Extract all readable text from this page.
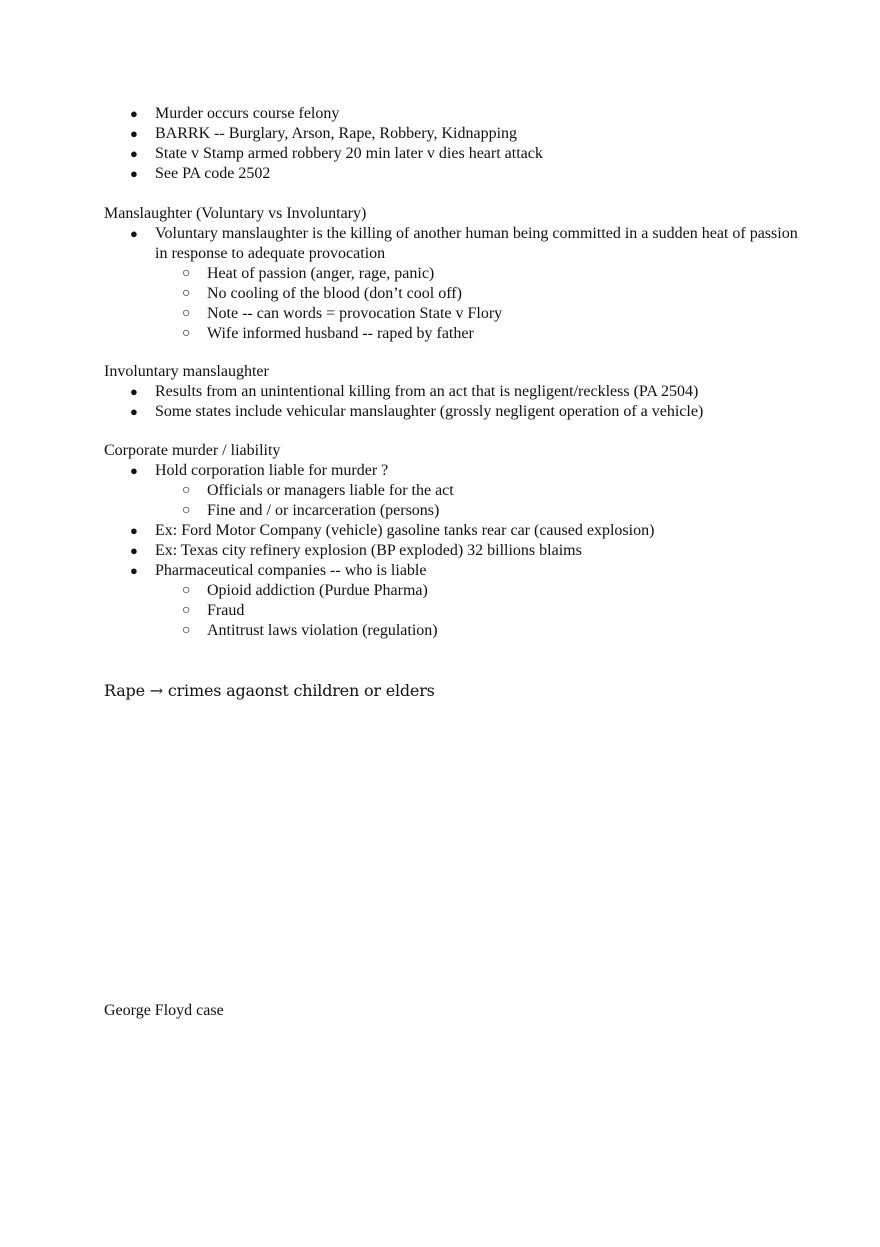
●	Murder occurs course felony
●	BARRK -- Burglary, Arson, Rape, Robbery, Kidnapping
●	State v Stamp armed robbery 20 min later v dies heart attack
●	See PA code 2502
Manslaughter (Voluntary vs Involuntary)
●	Voluntary manslaughter is the killing of another human being committed in a sudden heat of passion in response to adequate provocation
○	Heat of passion (anger, rage, panic)
○	No cooling of the blood (don’t cool off)
○	Note -- can words = provocation State v Flory
○	Wife informed husband -- raped by father
Involuntary manslaughter
●	Results from an unintentional killing from an act that is negligent/reckless (PA 2504)
●	Some states include vehicular manslaughter (grossly negligent operation of a vehicle)
Corporate murder / liability
●	Hold corporation liable for murder ?
○	Officials or managers liable for the act
○	Fine and / or incarceration (persons)
●	Ex: Ford Motor Company (vehicle) gasoline tanks rear car (caused explosion)
●	Ex: Texas city refinery explosion (BP exploded) 32 billions blaims
●	Pharmaceutical companies -- who is liable
○	Opioid addiction (Purdue Pharma)
○	Fraud
○	Antitrust laws violation (regulation)
Rape → crimes agaonst children or elders
George Floyd case
